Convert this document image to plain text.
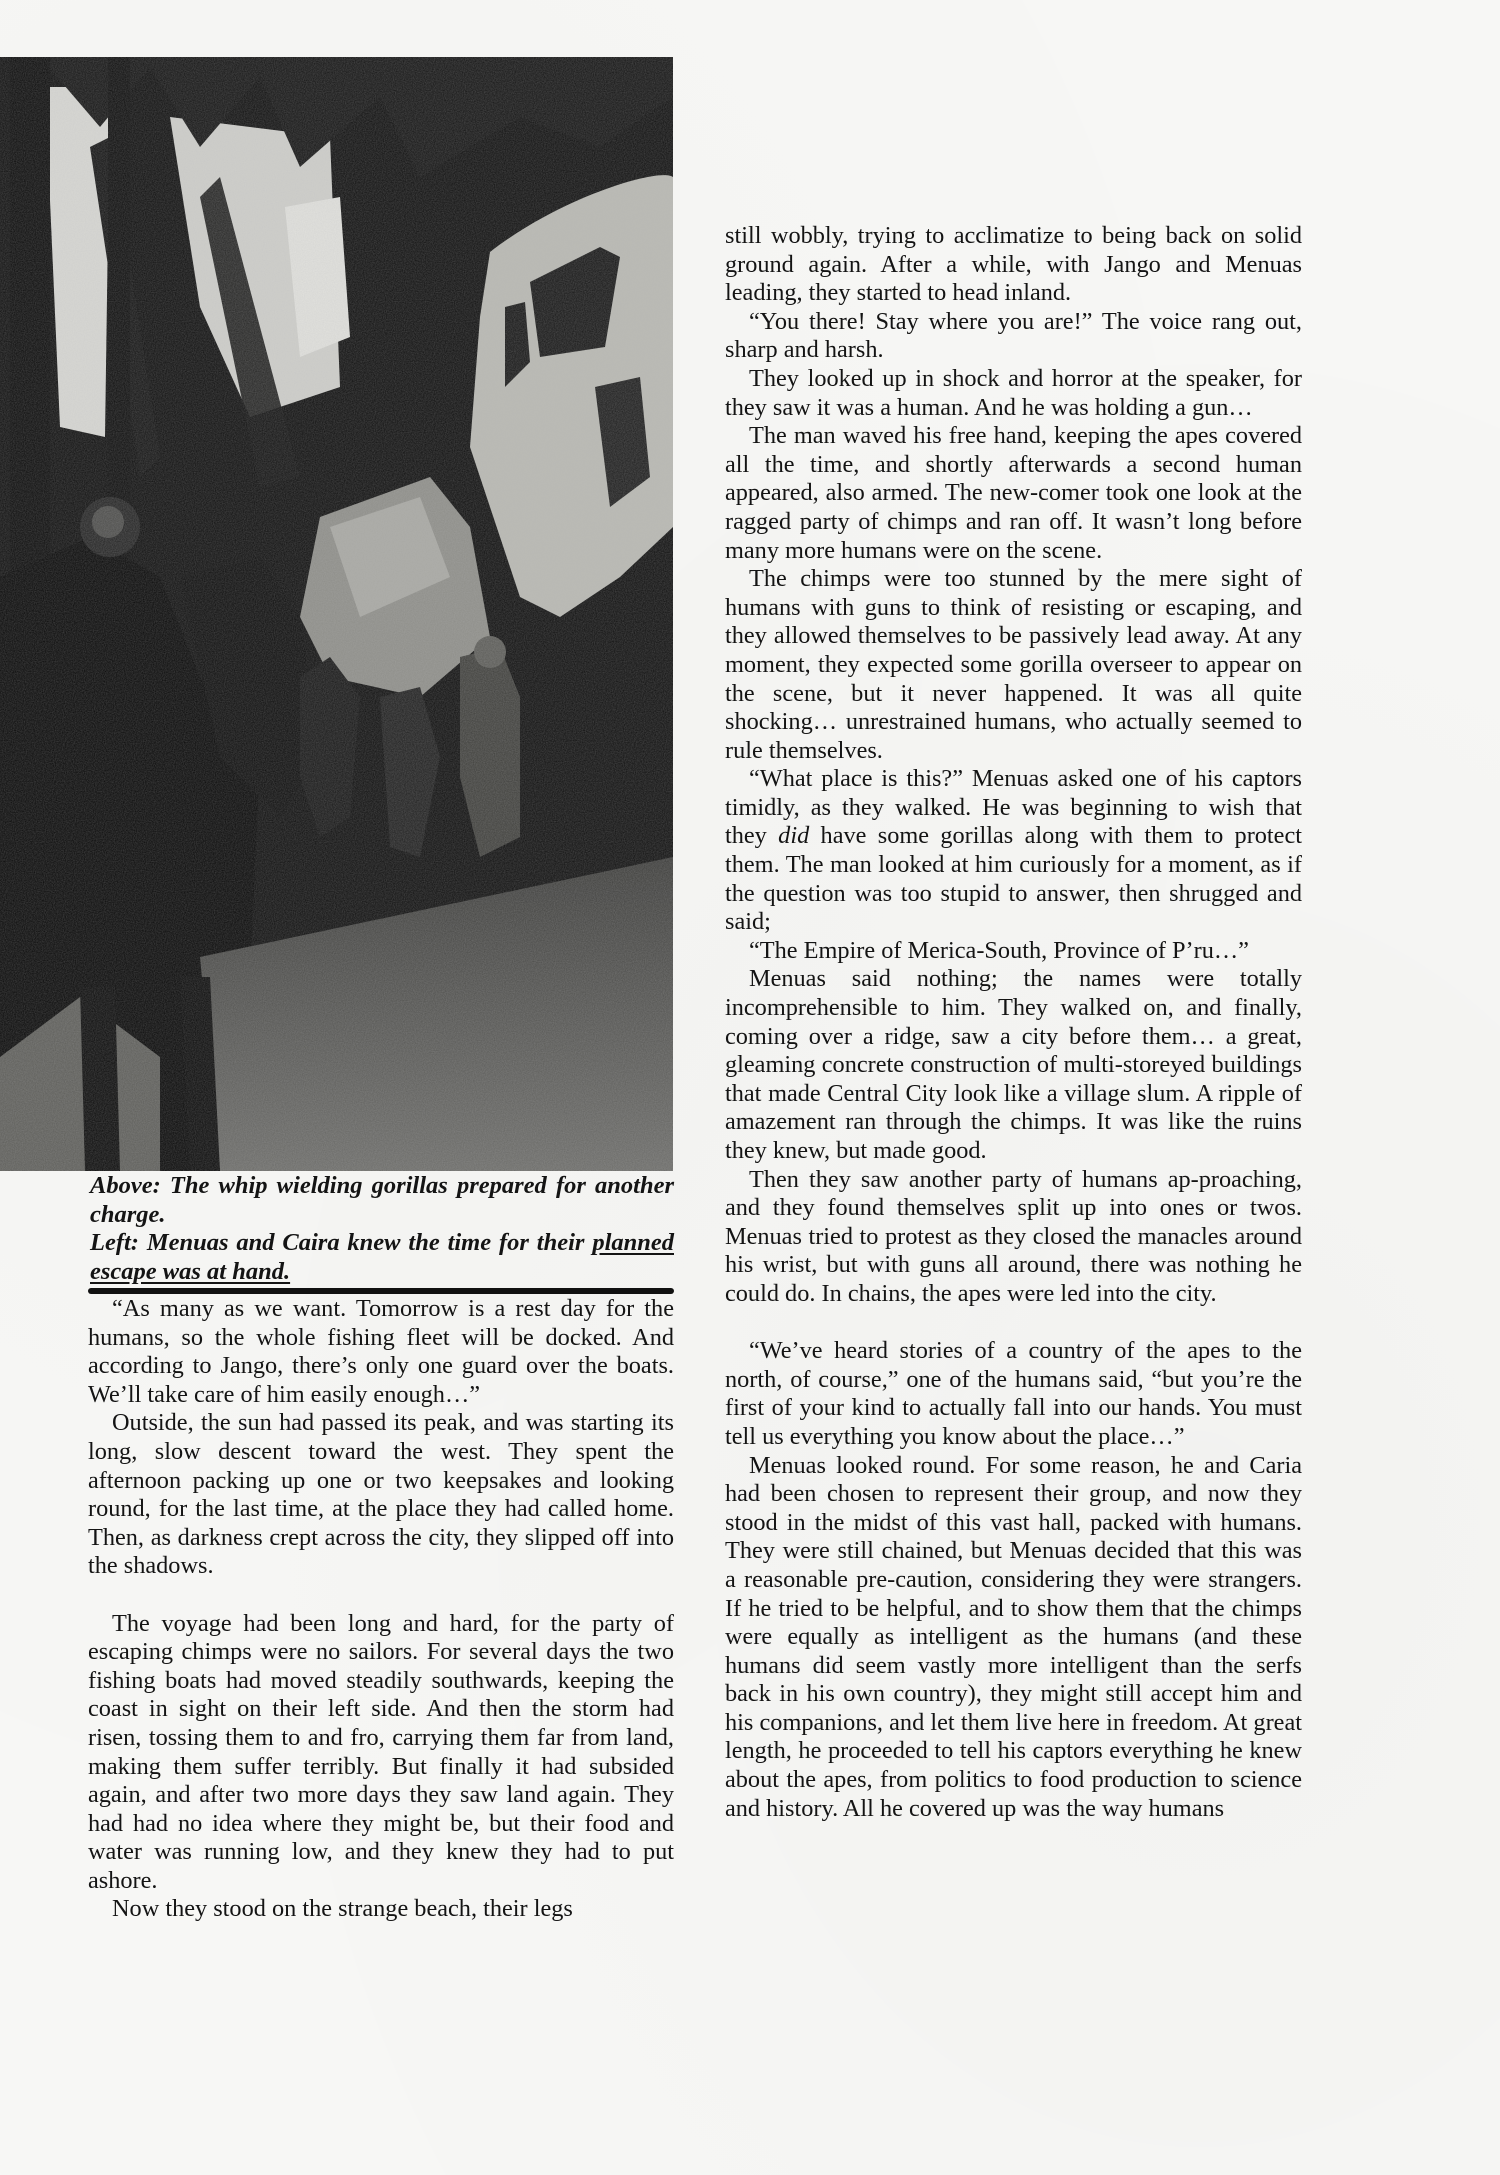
Above: The whip wielding gorillas prepared for another charge.

Left: Menuas and Caira knew the time for their planned escape was at hand.

“As many as we want. Tomorrow is a rest day for the humans, so the whole fishing fleet will be docked. And according to Jango, there’s only one guard over the boats. We’ll take care of him easily enough…”

Outside, the sun had passed its peak, and was starting its long, slow descent toward the west. They spent the afternoon packing up one or two keepsakes and looking round, for the last time, at the place they had called home. Then, as darkness crept across the city, they slipped off into the shadows.

The voyage had been long and hard, for the party of escaping chimps were no sailors. For several days the two fishing boats had moved steadily southwards, keeping the coast in sight on their left side. And then the storm had risen, tossing them to and fro, carrying them far from land, making them suffer terribly. But finally it had subsided again, and after two more days they saw land again. They had had no idea where they might be, but their food and water was running low, and they knew they had to put ashore.

Now they stood on the strange beach, their legs

still wobbly, trying to acclimatize to being back on solid ground again. After a while, with Jango and Menuas leading, they started to head inland.

“You there! Stay where you are!” The voice rang out, sharp and harsh.

They looked up in shock and horror at the speaker, for they saw it was a human. And he was holding a gun…

The man waved his free hand, keeping the apes covered all the time, and shortly afterwards a second human appeared, also armed. The new-comer took one look at the ragged party of chimps and ran off. It wasn’t long before many more humans were on the scene.

The chimps were too stunned by the mere sight of humans with guns to think of resisting or escaping, and they allowed themselves to be passively lead away. At any moment, they expected some gorilla overseer to appear on the scene, but it never happened. It was all quite shocking… unrestrained humans, who actually seemed to rule themselves.

“What place is this?” Menuas asked one of his captors timidly, as they walked. He was beginning to wish that they did have some gorillas along with them to protect them. The man looked at him curiously for a moment, as if the question was too stupid to answer, then shrugged and said;

“The Empire of Merica-South, Province of P’ru…”

Menuas said nothing; the names were totally incomprehensible to him. They walked on, and finally, coming over a ridge, saw a city before them… a great, gleaming concrete construction of multi-storeyed buildings that made Central City look like a village slum. A ripple of amazement ran through the chimps. It was like the ruins they knew, but made good.

Then they saw another party of humans ap-proaching, and they found themselves split up into ones or twos. Menuas tried to protest as they closed the manacles around his wrist, but with guns all around, there was nothing he could do. In chains, the apes were led into the city.

“We’ve heard stories of a country of the apes to the north, of course,” one of the humans said, “but you’re the first of your kind to actually fall into our hands. You must tell us everything you know about the place…”

Menuas looked round. For some reason, he and Caria had been chosen to represent their group, and now they stood in the midst of this vast hall, packed with humans. They were still chained, but Menuas decided that this was a reasonable pre-caution, considering they were strangers. If he tried to be helpful, and to show them that the chimps were equally as intelligent as the humans (and these humans did seem vastly more intelligent than the serfs back in his own country), they might still accept him and his companions, and let them live here in freedom. At great length, he proceeded to tell his captors everything he knew about the apes, from politics to food production to science and history. All he covered up was the way humans
